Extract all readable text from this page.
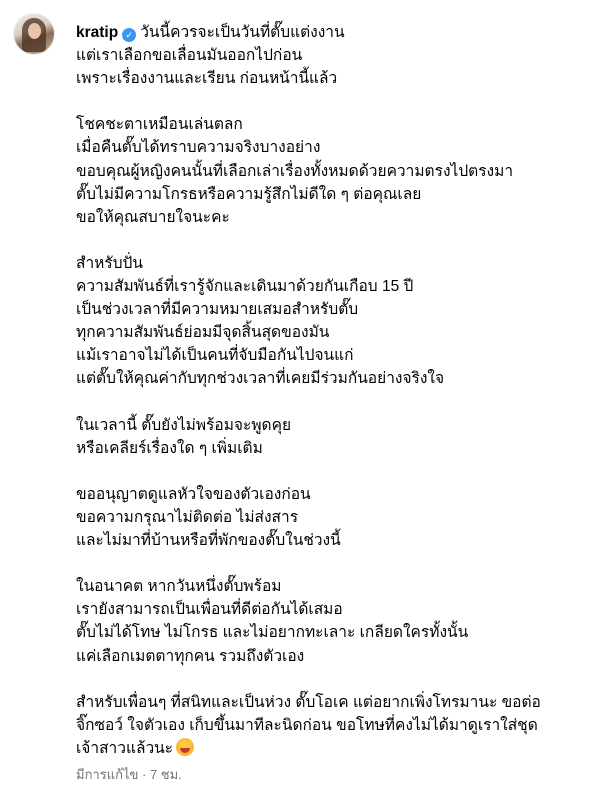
kratip ✓ วันนี้ควรจะเป็นวันที่ตั๊บแต่งงาน
แต่เราเลือกขอเลื่อนมันออกไปก่อน
เพราะเรื่องงานและเรียน ก่อนหน้านี้แล้ว
โชคชะตาเหมือนเล่นตลก
เมื่อคืนตั๊บได้ทราบความจริงบางอย่าง
ขอบคุณผู้หญิงคนนั้นที่เลือกเล่าเรื่องทั้งหมดด้วยความตรงไปตรงมา
ตั๊บไม่มีความโกรธหรือความรู้สึกไม่ดีใด ๆ ต่อคุณเลย
ขอให้คุณสบายใจนะคะ
สำหรับปั่น
ความสัมพันธ์ที่เรารู้จักและเดินมาด้วยกันเกือบ 15 ปี
เป็นช่วงเวลาที่มีความหมายเสมอสำหรับตั๊บ
ทุกความสัมพันธ์ย่อมมีจุดสิ้นสุดของมัน
แม้เราอาจไม่ได้เป็นคนที่จับมือกันไปจนแก่
แต่ตั๊บให้คุณค่ากับทุกช่วงเวลาที่เคยมีร่วมกันอย่างจริงใจ
ในเวลานี้ ตั๊บยังไม่พร้อมจะพูดคุย
หรือเคลียร์เรื่องใด ๆ เพิ่มเติม
ขออนุญาตดูแลหัวใจของตัวเองก่อน
ขอความกรุณาไม่ติดต่อ ไม่ส่งสาร
และไม่มาที่บ้านหรือที่พักของตั๊บในช่วงนี้
ในอนาคต หากวันหนึ่งตั๊บพร้อม
เรายังสามารถเป็นเพื่อนที่ดีต่อกันได้เสมอ
ตั๊บไม่ได้โทษ ไม่โกรธ และไม่อยากทะเลาะ เกลียดใครทั้งนั้น
แค่เลือกเมตตาทุกคน รวมถึงตัวเอง
สำหรับเพื่อนๆ ที่สนิทและเป็นห่วง ตั๊บโอเค แต่อยากเพิ่งโทรมานะ ขอต่อ
จิ๊กซอว์ ใจตัวเอง เก็บขึ้นมาทีละนิดก่อน ขอโทษที่คงไม่ได้มาดูเราใส่ชุด
เจ้าสาวแล้วนะ
มีการแก้ไข · 7 ชม.
